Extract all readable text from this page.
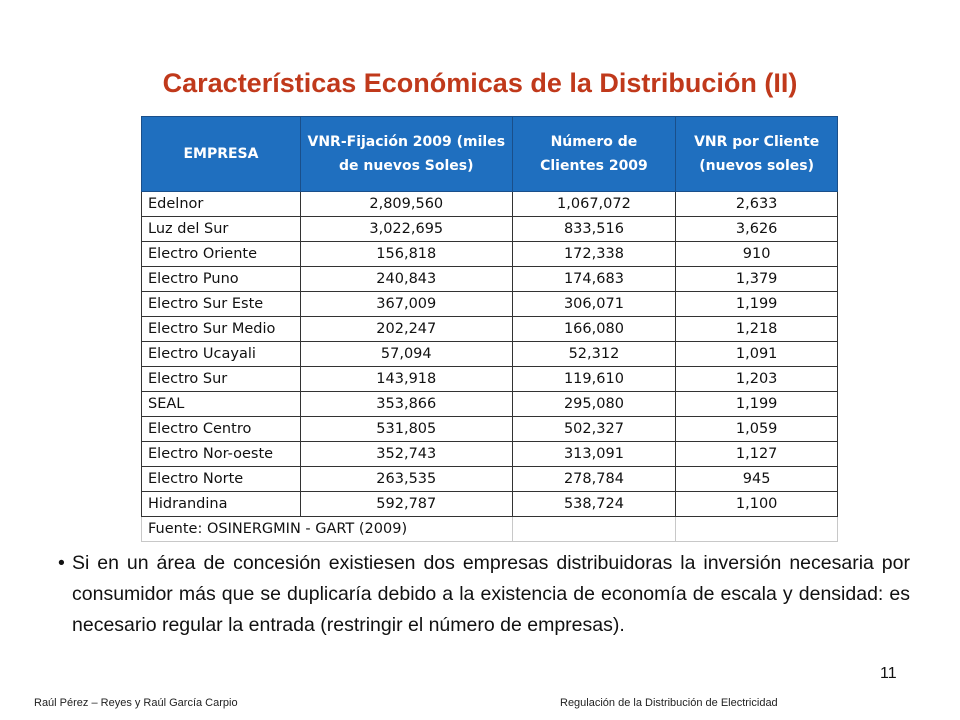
Características Económicas de la Distribución (II)
EMPRESA	VNR-Fijación 2009 (miles de nuevos Soles)	Número de Clientes 2009	VNR por Cliente (nuevos soles)
Edelnor	2,809,560	1,067,072	2,633
Luz del Sur	3,022,695	833,516	3,626
Electro Oriente	156,818	172,338	910
Electro Puno	240,843	174,683	1,379
Electro Sur Este	367,009	306,071	1,199
Electro Sur Medio	202,247	166,080	1,218
Electro Ucayali	57,094	52,312	1,091
Electro Sur	143,918	119,610	1,203
SEAL	353,866	295,080	1,199
Electro Centro	531,805	502,327	1,059
Electro Nor-oeste	352,743	313,091	1,127
Electro Norte	263,535	278,784	945
Hidrandina	592,787	538,724	1,100
Fuente: OSINERGMIN - GART (2009)			
• Si en un área de concesión existiesen dos empresas distribuidoras la inversión necesaria por consumidor más que se duplicaría debido a la existencia de economía de escala y densidad: es necesario regular la entrada (restringir el número de empresas).
11
Raúl Pérez – Reyes y Raúl García Carpio	Regulación de la Distribución de Electricidad
